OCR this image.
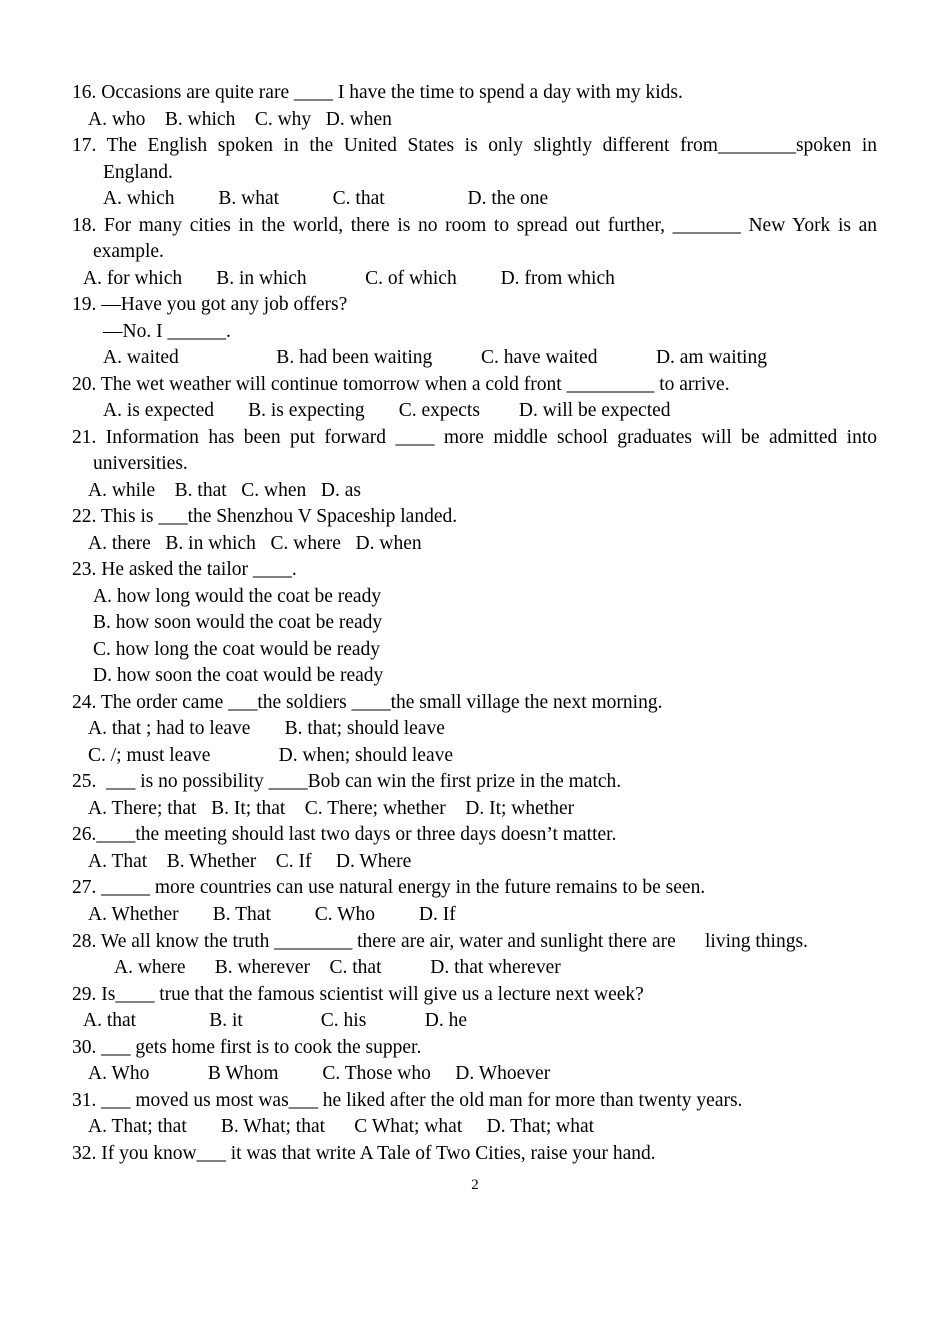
16. Occasions are quite rare ____ I have the time to spend a day with my kids.
A. who    B. which    C. why   D. when
17. The English spoken in the United States is only slightly different from________spoken in
England.
A. which         B. what           C. that                 D. the one
18. For many cities in the world, there is no room to spread out further, _______ New York is an
example.
A. for which       B. in which            C. of which         D. from which
19. —Have you got any job offers?
—No. I ______.
A. waited                    B. had been waiting          C. have waited            D. am waiting
20. The wet weather will continue tomorrow when a cold front _________ to arrive.
A. is expected       B. is expecting       C. expects        D. will be expected
21. Information has been put forward ____ more middle school graduates will be admitted into
universities.
A. while    B. that   C. when   D. as
22. This is ___the Shenzhou V Spaceship landed.
A. there   B. in which   C. where   D. when
23. He asked the tailor ____.
A. how long would the coat be ready
B. how soon would the coat be ready
C. how long the coat would be ready
D. how soon the coat would be ready
24. The order came ___the soldiers ____the small village the next morning.
A. that ; had to leave       B. that; should leave
C. /; must leave              D. when; should leave
25.  ___ is no possibility ____Bob can win the first prize in the match.
A. There; that   B. It; that    C. There; whether    D. It; whether
26.____the meeting should last two days or three days doesn’t matter.
A. That    B. Whether    C. If     D. Where
27. _____ more countries can use natural energy in the future remains to be seen.
A. Whether       B. That         C. Who         D. If
28. We all know the truth ________ there are air, water and sunlight there are      living things.
A. where      B. wherever    C. that          D. that wherever
29. Is____ true that the famous scientist will give us a lecture next week?
A. that               B. it                C. his            D. he
30. ___ gets home first is to cook the supper.
A. Who            B Whom         C. Those who     D. Whoever
31. ___ moved us most was___ he liked after the old man for more than twenty years.
A. That; that       B. What; that      C What; what     D. That; what
32. If you know___ it was that write A Tale of Two Cities, raise your hand.
2
